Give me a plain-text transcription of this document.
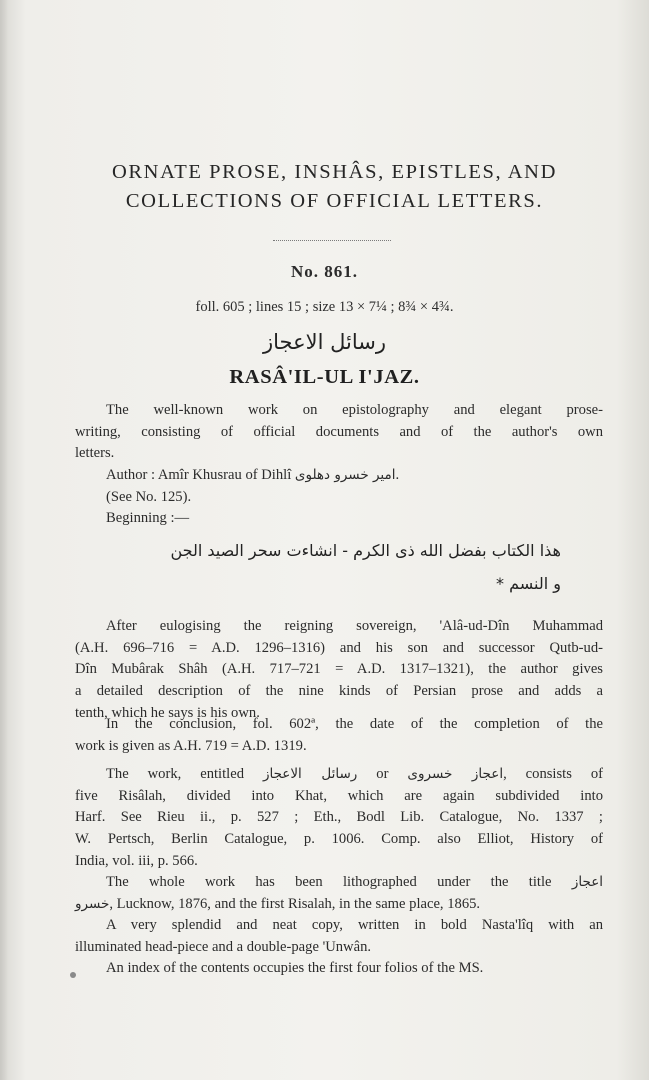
ORNATE PROSE, INSHÂS, EPISTLES, AND
COLLECTIONS OF OFFICIAL LETTERS.
No. 861.
foll. 605 ; lines 15 ; size 13 × 7¼ ; 8¾ × 4¾.
رسائل الاعجاز
RASÂ'IL-UL I'JAZ.
The well-known work on epistolography and elegant prose-
writing, consisting of official documents and of the author's own
letters.
Author : Amîr Khusrau of Dihlî امیر خسرو دهلوی.
(See No. 125).
Beginning :—
هذا الكتاب بفضل الله ذی الكرم - انشاءت سحر الصید الجن
و النسم *
After eulogising the reigning sovereign, 'Alâ-ud-Dîn Muhammad
(A.H. 696–716 = A.D. 1296–1316) and his son and successor Qutb-ud-
Dîn Mubârak Shâh (A.H. 717–721 = A.D. 1317–1321), the author gives
a detailed description of the nine kinds of Persian prose and adds a
tenth, which he says is his own.
In the conclusion, fol. 602ª, the date of the completion of the
work is given as A.H. 719 = A.D. 1319.
The work, entitled رسائل الاعجاز or اعجاز خسروی, consists of
five Risâlah, divided into Khat, which are again subdivided into
Harf. See Rieu ii., p. 527 ; Eth., Bodl Lib. Catalogue, No. 1337 ;
W. Pertsch, Berlin Catalogue, p. 1006. Comp. also Elliot, History of
India, vol. iii, p. 566.
The whole work has been lithographed under the title اعجاز
خسرو, Lucknow, 1876, and the first Risalah, in the same place, 1865.
A very splendid and neat copy, written in bold Nasta'lîq with an
illuminated head-piece and a double-page 'Unwân.
An index of the contents occupies the first four folios of the MS.
